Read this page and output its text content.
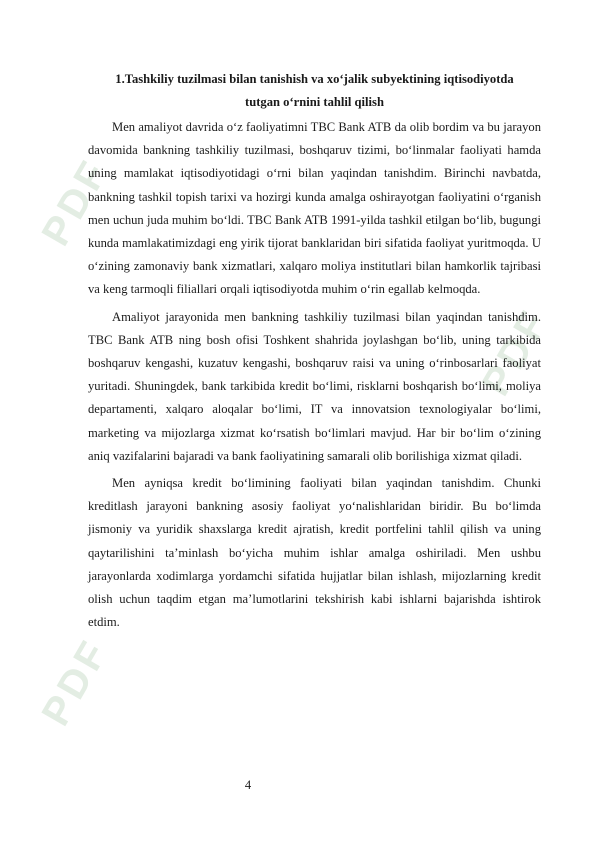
PDF
PDF
PDF
1.Tashkiliy tuzilmasi bilan tanishish va xo‘jalik subyektining iqtisodiyotda
tutgan o‘rnini tahlil qilish

Men amaliyot davrida o‘z faoliyatimni TBC Bank ATB da olib bordim va bu jarayon davomida bankning tashkiliy tuzilmasi, boshqaruv tizimi, bo‘linmalar faoliyati hamda uning mamlakat iqtisodiyotidagi o‘rni bilan yaqindan tanishdim. Birinchi navbatda, bankning tashkil topish tarixi va hozirgi kunda amalga oshirayotgan faoliyatini o‘rganish men uchun juda muhim bo‘ldi. TBC Bank ATB 1991-yilda tashkil etilgan bo‘lib, bugungi kunda mamlakatimizdagi eng yirik tijorat banklaridan biri sifatida faoliyat yuritmoqda. U o‘zining zamonaviy bank xizmatlari, xalqaro moliya institutlari bilan hamkorlik tajribasi va keng tarmoqli filiallari orqali iqtisodiyotda muhim o‘rin egallab kelmoqda.

Amaliyot jarayonida men bankning tashkiliy tuzilmasi bilan yaqindan tanishdim. TBC Bank ATB ning bosh ofisi Toshkent shahrida joylashgan bo‘lib, uning tarkibida boshqaruv kengashi, kuzatuv kengashi, boshqaruv raisi va uning o‘rinbosarlari faoliyat yuritadi. Shuningdek, bank tarkibida kredit bo‘limi, risklarni boshqarish bo‘limi, moliya departamenti, xalqaro aloqalar bo‘limi, IT va innovatsion texnologiyalar bo‘limi, marketing va mijozlarga xizmat ko‘rsatish bo‘limlari mavjud. Har bir bo‘lim o‘zining aniq vazifalarini bajaradi va bank faoliyatining samarali olib borilishiga xizmat qiladi.

Men ayniqsa kredit bo‘limining faoliyati bilan yaqindan tanishdim. Chunki kreditlash jarayoni bankning asosiy faoliyat yo‘nalishlaridan biridir. Bu bo‘limda jismoniy va yuridik shaxslarga kredit ajratish, kredit portfelini tahlil qilish va uning qaytarilishini ta’minlash bo‘yicha muhim ishlar amalga oshiriladi. Men ushbu jarayonlarda xodimlarga yordamchi sifatida hujjatlar bilan ishlash, mijozlarning kredit olish uchun taqdim etgan ma’lumotlarini tekshirish kabi ishlarni bajarishda ishtirok etdim.

4
